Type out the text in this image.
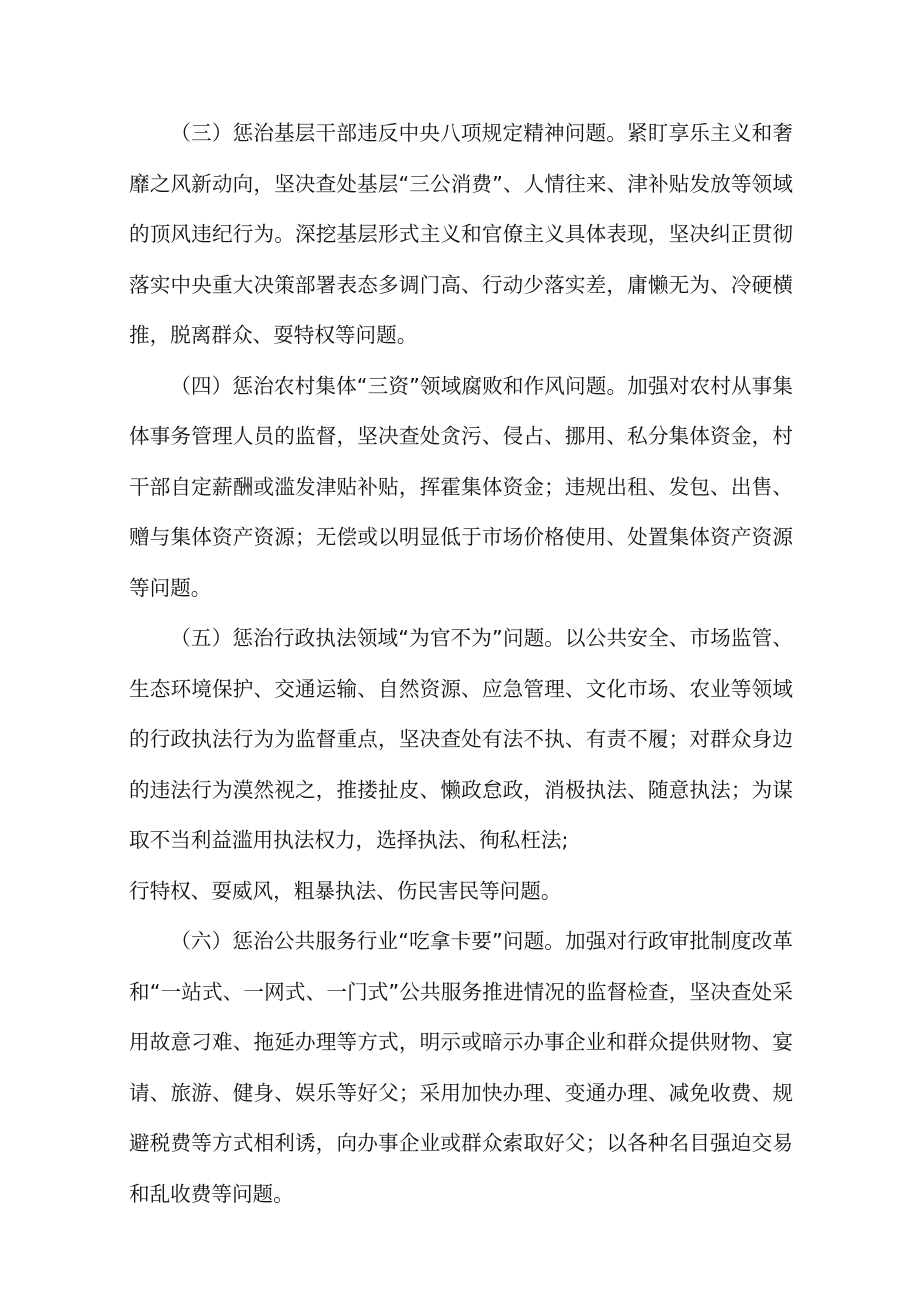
（三）惩治基层干部违反中央八项规定精神问题。紧盯享乐主义和奢靡之风新动向，坚决查处基层“三公消费”、人情往来、津补贴发放等领域的顶风违纪行为。深挖基层形式主义和官僚主义具体表现，坚决纠正贯彻落实中央重大决策部署表态多调门高、行动少落实差，庸懒无为、冷硬横推，脱离群众、耍特权等问题。

（四）惩治农村集体“三资”领域腐败和作风问题。加强对农村从事集体事务管理人员的监督，坚决查处贪污、侵占、挪用、私分集体资金，村干部自定薪酬或滥发津贴补贴，挥霍集体资金；违规出租、发包、出售、赠与集体资产资源；无偿或以明显低于市场价格使用、处置集体资产资源等问题。

（五）惩治行政执法领域“为官不为”问题。以公共安全、市场监管、生态环境保护、交通运输、自然资源、应急管理、文化市场、农业等领域的行政执法行为为监督重点，坚决查处有法不执、有责不履；对群众身边的违法行为漠然视之，推搂扯皮、懒政怠政，消极执法、随意执法；为谋取不当利益滥用执法权力，选择执法、徇私枉法;

行特权、耍威风，粗暴执法、伤民害民等问题。

（六）惩治公共服务行业“吃拿卡要”问题。加强对行政审批制度改革和“一站式、一网式、一门式”公共服务推进情况的监督检查，坚决查处采用故意刁难、拖延办理等方式，明示或暗示办事企业和群众提供财物、宴请、旅游、健身、娱乐等好父；采用加快办理、变通办理、减免收费、规避税费等方式相利诱，向办事企业或群众索取好父；以各种名目强迫交易和乱收费等问题。
